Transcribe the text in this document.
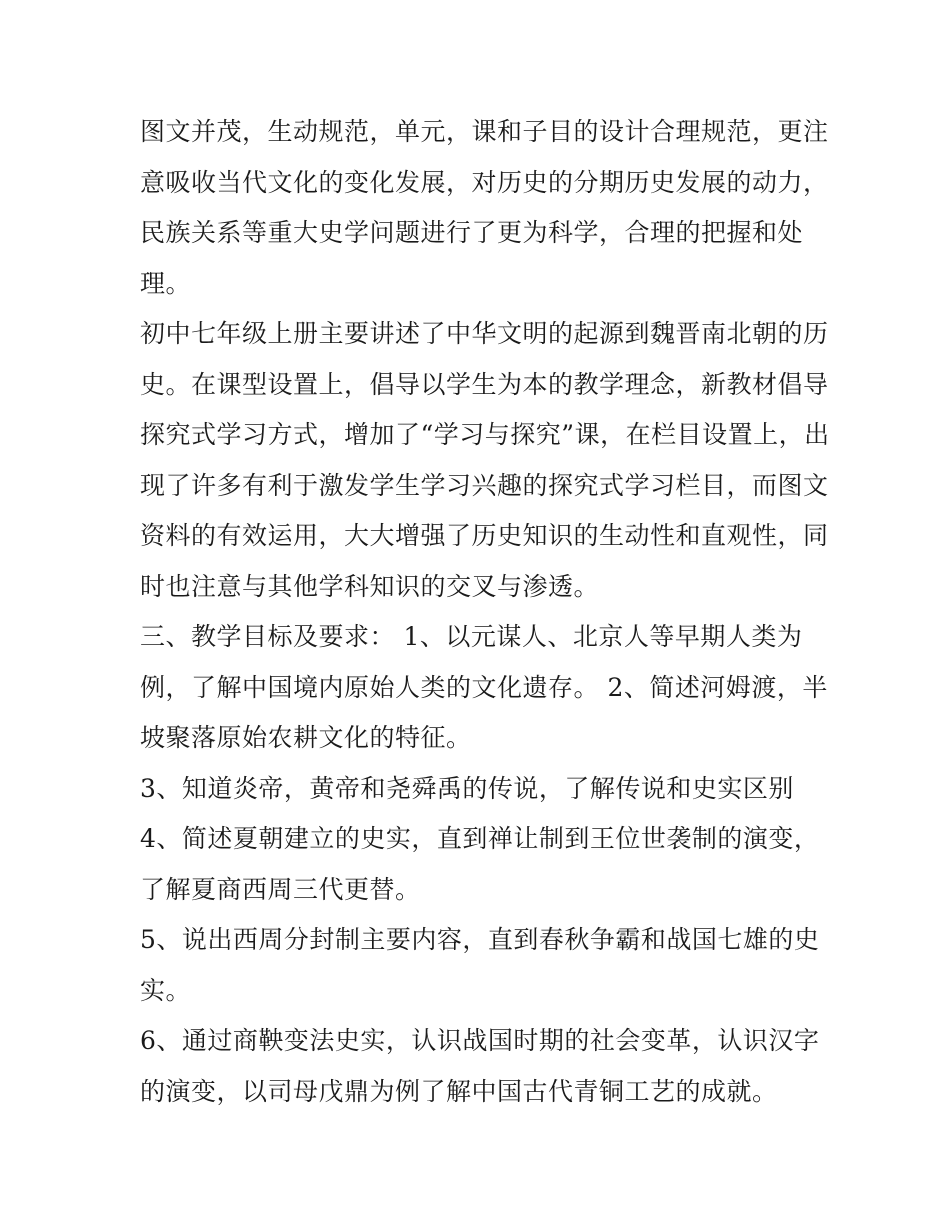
图文并茂，生动规范，单元，课和子目的设计合理规范，更注
意吸收当代文化的变化发展，对历史的分期历史发展的动力，
民族关系等重大史学问题进行了更为科学，合理的把握和处
理。
初中七年级上册主要讲述了中华文明的起源到魏晋南北朝的历
史。在课型设置上，倡导以学生为本的教学理念，新教材倡导
探究式学习方式，增加了“学习与探究”课，在栏目设置上，出
现了许多有利于激发学生学习兴趣的探究式学习栏目，而图文
资料的有效运用，大大增强了历史知识的生动性和直观性，同
时也注意与其他学科知识的交叉与渗透。
三、教学目标及要求： 1、以元谋人、北京人等早期人类为
例，了解中国境内原始人类的文化遗存。 2、简述河姆渡，半
坡聚落原始农耕文化的特征。
3、知道炎帝，黄帝和尧舜禹的传说，了解传说和史实区别
4、简述夏朝建立的史实，直到禅让制到王位世袭制的演变，
了解夏商西周三代更替。
5、说出西周分封制主要内容，直到春秋争霸和战国七雄的史
实。
6、通过商鞅变法史实，认识战国时期的社会变革，认识汉字
的演变，以司母戊鼎为例了解中国古代青铜工艺的成就。
